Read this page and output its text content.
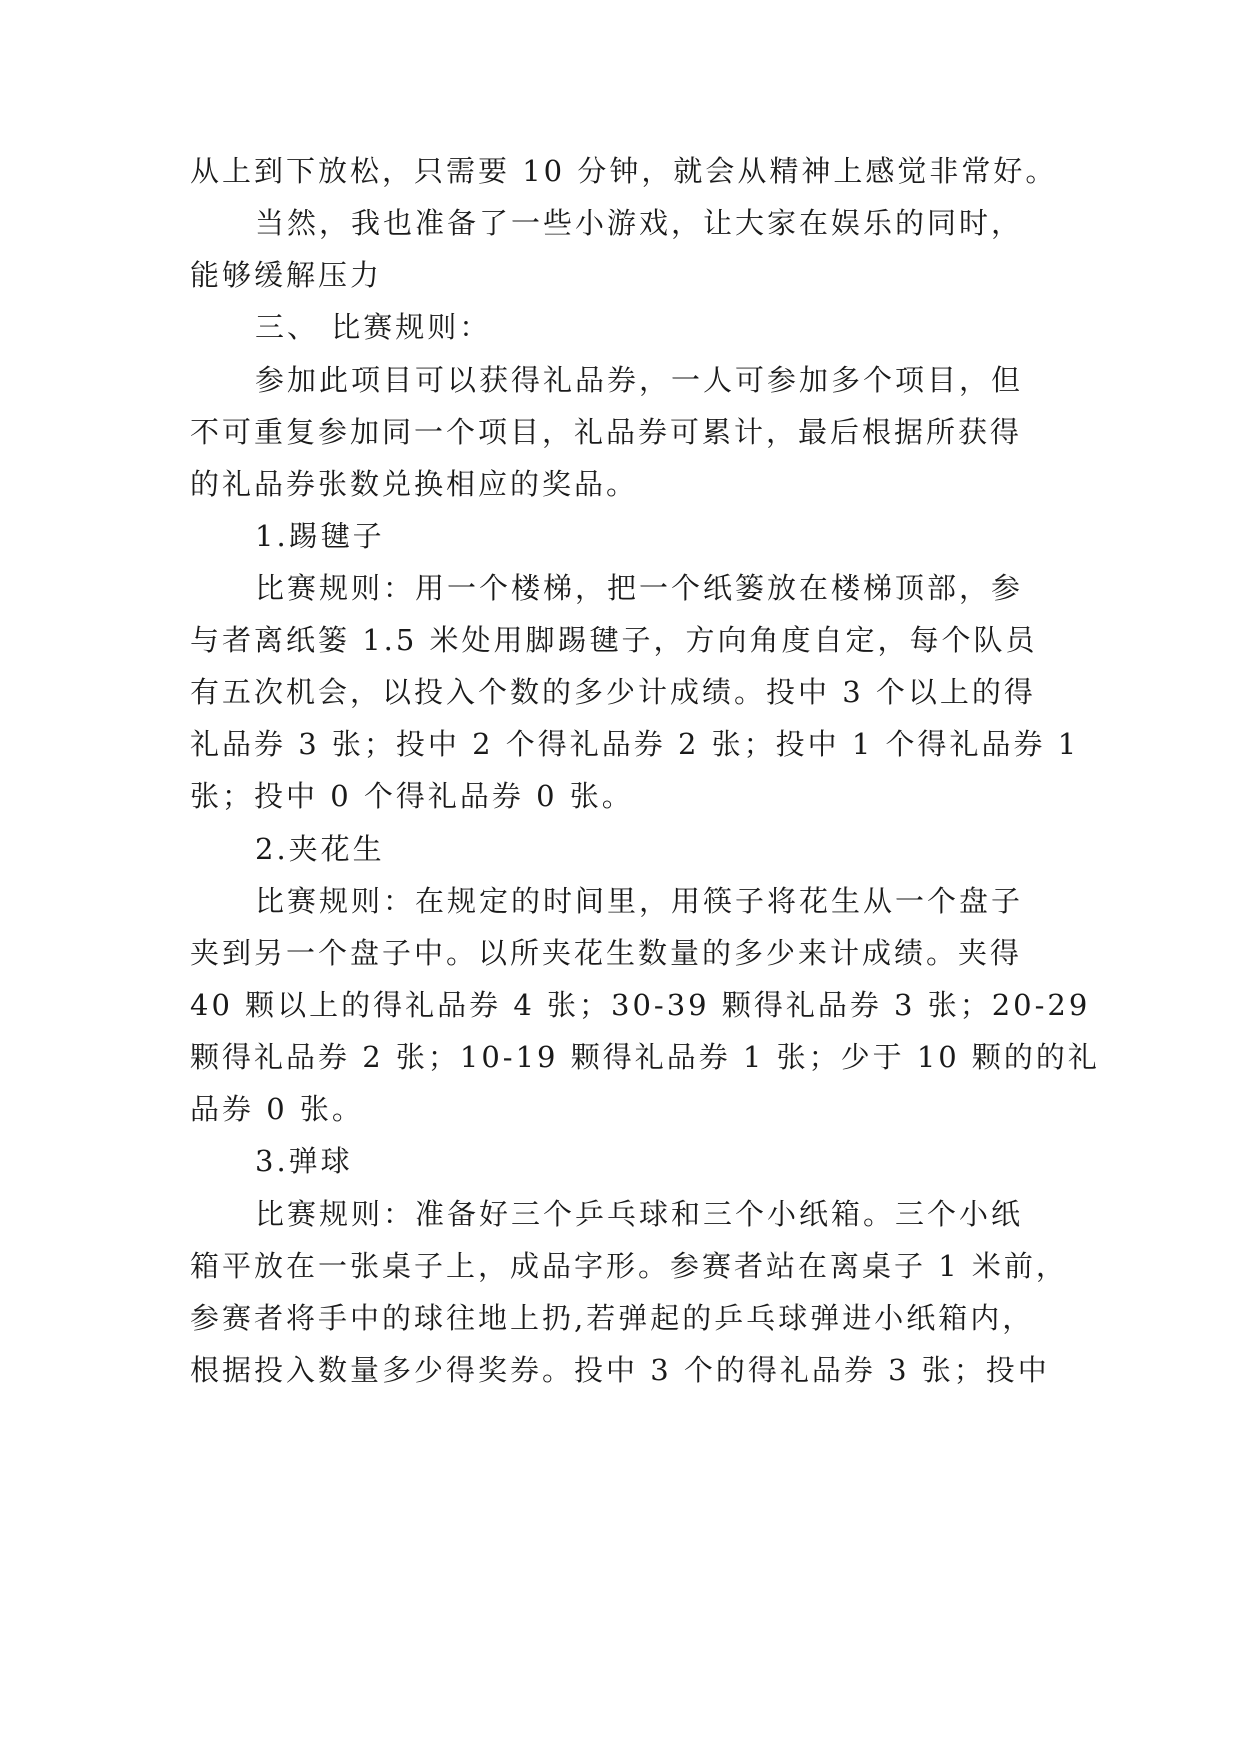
从上到下放松，只需要 10 分钟，就会从精神上感觉非常好。
当然，我也准备了一些小游戏，让大家在娱乐的同时，
能够缓解压力
三、 比赛规则：
参加此项目可以获得礼品券，一人可参加多个项目，但
不可重复参加同一个项目，礼品券可累计，最后根据所获得
的礼品券张数兑换相应的奖品。
1.踢毽子
比赛规则：用一个楼梯，把一个纸篓放在楼梯顶部，参
与者离纸篓 1.5 米处用脚踢毽子，方向角度自定，每个队员
有五次机会，以投入个数的多少计成绩。投中 3 个以上的得
礼品券 3 张；投中 2 个得礼品券 2 张；投中 1 个得礼品券 1
张；投中 0 个得礼品券 0 张。
2.夹花生
比赛规则：在规定的时间里，用筷子将花生从一个盘子
夹到另一个盘子中。以所夹花生数量的多少来计成绩。夹得
40 颗以上的得礼品券 4 张；30-39 颗得礼品券 3 张；20-29
颗得礼品券 2 张；10-19 颗得礼品券 1 张；少于 10 颗的的礼
品券 0 张。
3.弹球
比赛规则：准备好三个乒乓球和三个小纸箱。三个小纸
箱平放在一张桌子上，成品字形。参赛者站在离桌子 1 米前，
参赛者将手中的球往地上扔,若弹起的乒乓球弹进小纸箱内，
根据投入数量多少得奖券。投中 3 个的得礼品券 3 张；投中
